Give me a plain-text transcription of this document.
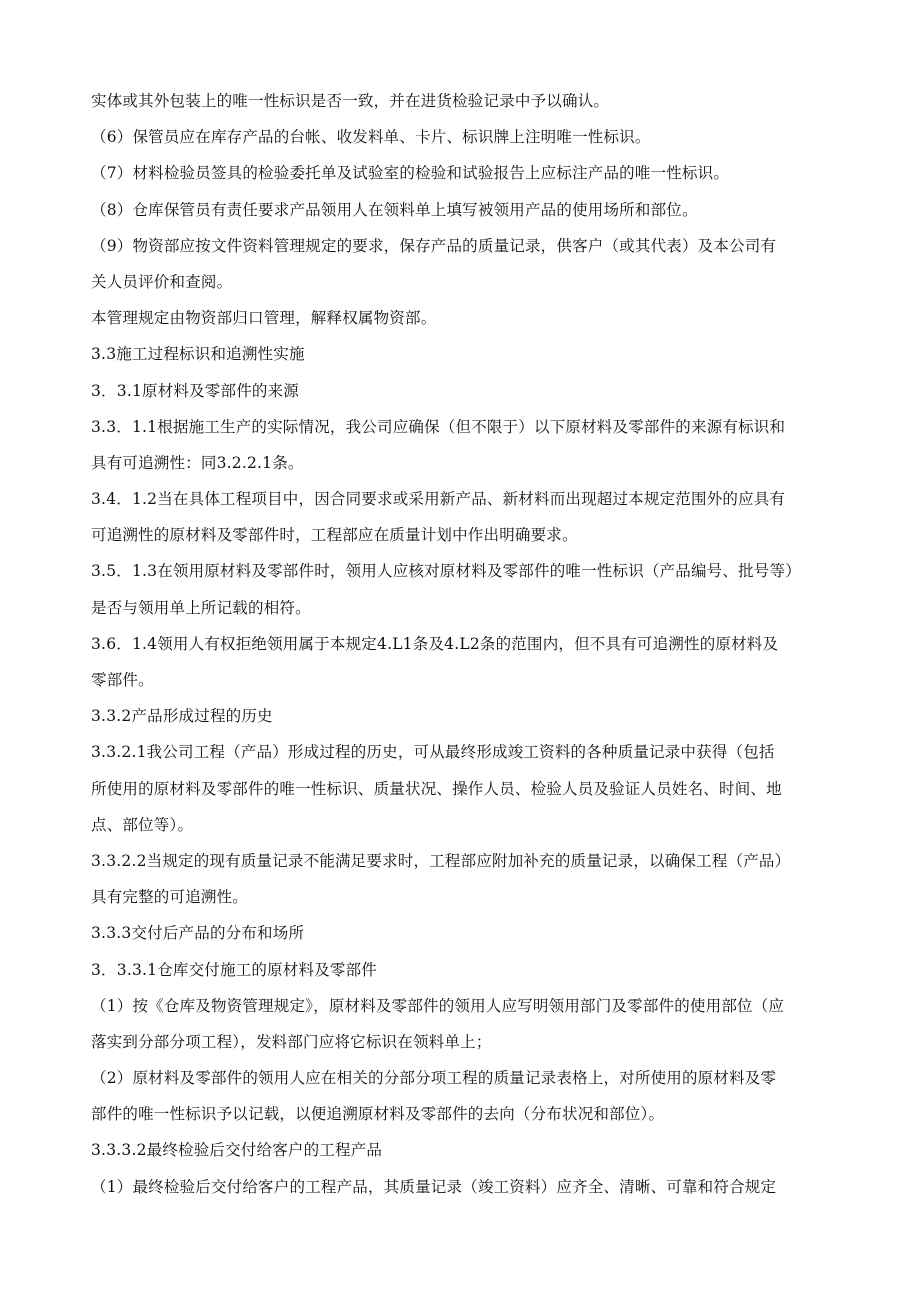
实体或其外包装上的唯一性标识是否一致，并在进货检验记录中予以确认。
（6）保管员应在库存产品的台帐、收发料单、卡片、标识牌上注明唯一性标识。
（7）材料检验员签具的检验委托单及试验室的检验和试验报告上应标注产品的唯一性标识。
（8）仓库保管员有责任要求产品领用人在领料单上填写被领用产品的使用场所和部位。
（9）物资部应按文件资料管理规定的要求，保存产品的质量记录，供客户（或其代表）及本公司有
关人员评价和查阅。
本管理规定由物资部归口管理，解释权属物资部。
3.3施工过程标识和追溯性实施
3．3.1原材料及零部件的来源
3.3．1.1根据施工生产的实际情况，我公司应确保（但不限于）以下原材料及零部件的来源有标识和
具有可追溯性：同3.2.2.1条。
3.4．1.2当在具体工程项目中，因合同要求或采用新产品、新材料而出现超过本规定范围外的应具有
可追溯性的原材料及零部件时，工程部应在质量计划中作出明确要求。
3.5．1.3在领用原材料及零部件时，领用人应核对原材料及零部件的唯一性标识（产品编号、批号等）
是否与领用单上所记载的相符。
3.6．1.4领用人有权拒绝领用属于本规定4.L1条及4.L2条的范围内，但不具有可追溯性的原材料及
零部件。
3.3.2产品形成过程的历史
3.3.2.1我公司工程（产品）形成过程的历史，可从最终形成竣工资料的各种质量记录中获得（包括
所使用的原材料及零部件的唯一性标识、质量状况、操作人员、检验人员及验证人员姓名、时间、地
点、部位等）。
3.3.2.2当规定的现有质量记录不能满足要求时，工程部应附加补充的质量记录，以确保工程（产品）
具有完整的可追溯性。
3.3.3交付后产品的分布和场所
3．3.3.1仓库交付施工的原材料及零部件
（1）按《仓库及物资管理规定》，原材料及零部件的领用人应写明领用部门及零部件的使用部位（应
落实到分部分项工程），发料部门应将它标识在领料单上；
（2）原材料及零部件的领用人应在相关的分部分项工程的质量记录表格上，对所使用的原材料及零
部件的唯一性标识予以记载，以便追溯原材料及零部件的去向（分布状况和部位）。
3.3.3.2最终检验后交付给客户的工程产品
（1）最终检验后交付给客户的工程产品，其质量记录（竣工资料）应齐全、清晰、可靠和符合规定
